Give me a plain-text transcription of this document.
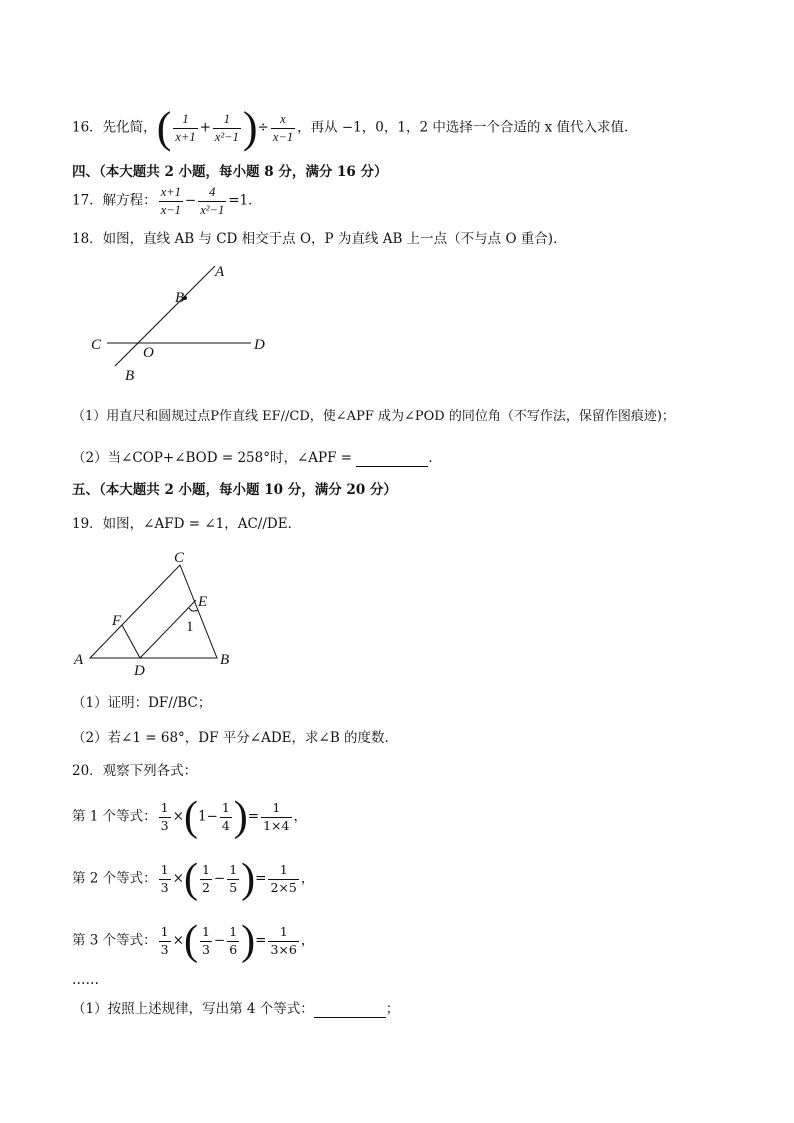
16．先化简，( $\frac{1}{x+1} + \frac{1}{\text{x²−1}}$ )÷ $\frac{x}{x-1}$ ，再从 −1，0，1，2 中选择一个合适的 x 值代入求值.
四、（本大题共 2 小题，每小题 8 分，满分 16 分）
17．解方程： $\frac{x+1}{x-1} - \frac{4}{\text{x²−1}} =1$．
18．如图，直线 AB 与 CD 相交于点 O，P 为直线 AB 上一点（不与点 O 重合)．
A
B
C	O	D
B
（1）用直尺和圆规过点P作直线 EF//CD，使∠APF 成为∠POD 的同位角（不写作法，保留作图痕迹)；
（2）当∠COP+∠BOD = 258°时，∠APF =	．
五、（本大题共 2 小题，每小题 10 分，满分 20 分）
19．如图，∠AFD = ∠1，AC//DE．
C
E
F	1
A
D
B
（1）证明：DF//BC；
（2）若∠1 = 68°，DF 平分∠ADE，求∠B 的度数．
20．观察下列各式：
第 1 个等式： $\frac{1}{3} \times(1- \frac{1}{4}$ )= $\frac{1}{1\times 4}$ ，
第 2 个等式： $\frac{1}{3}$ ×( $\frac{1}{2} - \frac{1}{5}$ )= $\frac{1}{2\times 5}$ ，
第 3 个等式： $\frac{1}{3}$ ×( $\frac{1}{3} - \frac{1}{6}$ )= $\frac{1}{3\times 6}$ ，
……
（1）按照上述规律，写出第 4 个等式：	；
